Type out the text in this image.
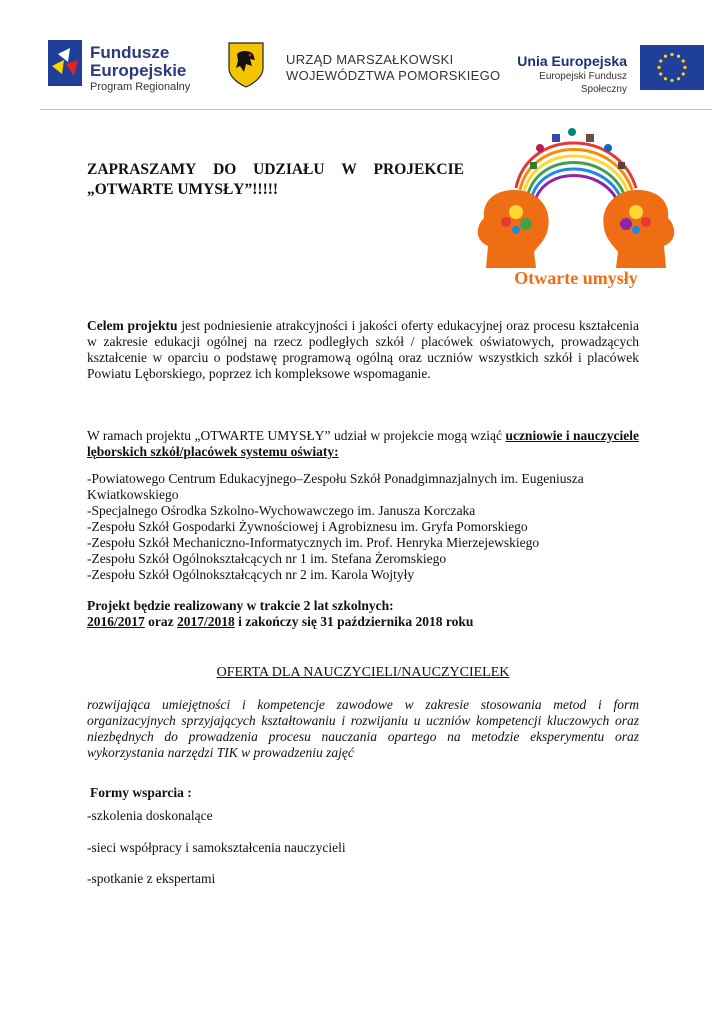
Fundusze
Europejskie
Program Regionalny
URZĄD MARSZAŁKOWSKI
WOJEWÓDZTWA POMORSKIEGO
Unia Europejska
Europejski Fundusz Społeczny
ZAPRASZAMY DO UDZIAŁU W PROJEKCIE
„OTWARTE UMYSŁY”!!!!!
Otwarte umysły
Celem projektu jest podniesienie atrakcyjności i jakości oferty edukacyjnej oraz procesu kształcenia w zakresie edukacji ogólnej na rzecz podległych szkół / placówek oświatowych, prowadzących kształcenie w oparciu o podstawę programową ogólną oraz uczniów wszystkich szkół i placówek Powiatu Lęborskiego, poprzez ich kompleksowe wspomaganie.
W ramach projektu „OTWARTE UMYSŁY” udział w projekcie mogą wziąć uczniowie i nauczyciele lęborskich szkół/placówek systemu oświaty:
-Powiatowego Centrum Edukacyjnego–Zespołu Szkół Ponadgimnazjalnych im. Eugeniusza Kwiatkowskiego
-Specjalnego Ośrodka Szkolno-Wychowawczego im. Janusza Korczaka
-Zespołu Szkół Gospodarki Żywnościowej i Agrobiznesu im. Gryfa Pomorskiego
-Zespołu Szkół Mechaniczno-Informatycznych im. Prof. Henryka Mierzejewskiego
-Zespołu Szkół Ogólnokształcących nr 1 im. Stefana Żeromskiego
-Zespołu Szkół Ogólnokształcących nr 2 im. Karola Wojtyły
Projekt będzie realizowany w trakcie 2 lat szkolnych:
2016/2017 oraz 2017/2018 i zakończy się 31 października 2018 roku
OFERTA DLA NAUCZYCIELI/NAUCZYCIELEK
rozwijająca umiejętności i kompetencje zawodowe w zakresie stosowania metod i form organizacyjnych sprzyjających kształtowaniu i rozwijaniu u uczniów kompetencji kluczowych oraz niezbędnych do prowadzenia procesu nauczania opartego na metodzie eksperymentu oraz wykorzystania narzędzi TIK w prowadzeniu zajęć
Formy wsparcia :
-szkolenia doskonalące
-sieci współpracy i samokształcenia nauczycieli
-spotkanie z ekspertami
